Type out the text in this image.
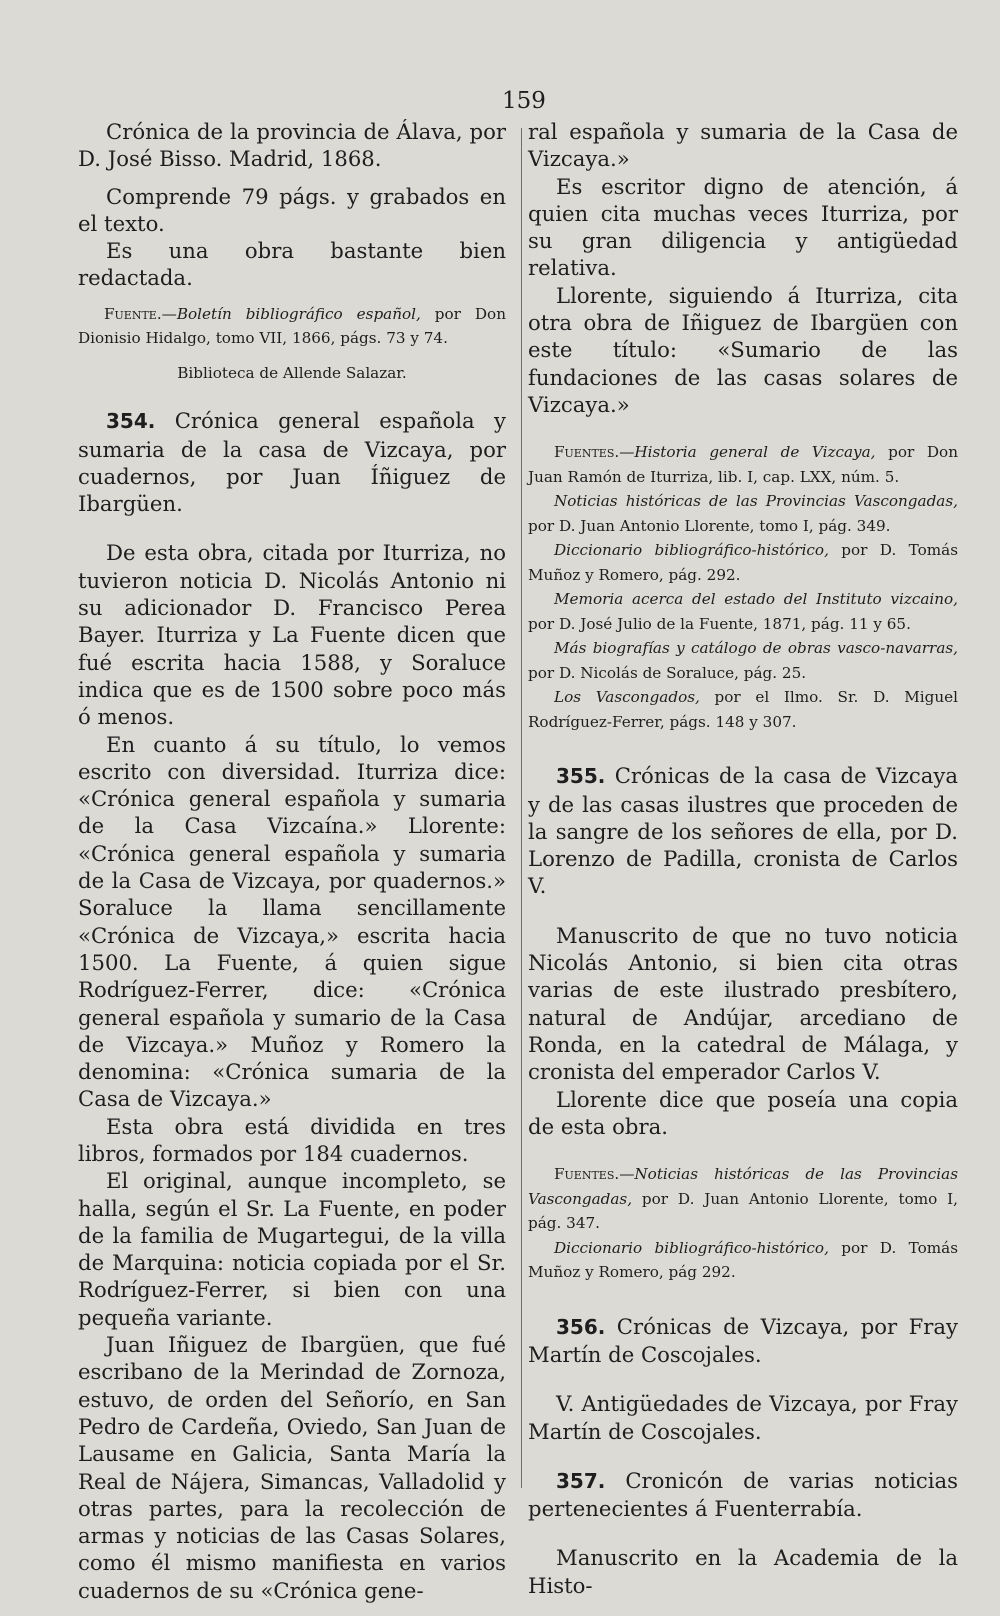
159

Crónica de la provincia de Álava, por D. José Bisso. Madrid, 1868.

Comprende 79 págs. y grabados en el texto.

Es una obra bastante bien redactada.

Fuente.—Boletín bibliográfico español, por Don Dionisio Hidalgo, tomo VII, 1866, págs. 73 y 74.

Biblioteca de Allende Salazar.

354. Crónica general española y sumaria de la casa de Vizcaya, por cuadernos, por Juan Íñiguez de Ibargüen.

De esta obra, citada por Iturriza, no tuvieron noticia D. Nicolás Antonio ni su adicionador D. Francisco Perea Bayer. Iturriza y La Fuente dicen que fué escrita hacia 1588, y Soraluce indica que es de 1500 sobre poco más ó menos.

En cuanto á su título, lo vemos escrito con diversidad. Iturriza dice: «Crónica general española y sumaria de la Casa Vizcaína.» Llorente: «Crónica general española y sumaria de la Casa de Vizcaya, por quadernos.» Soraluce la llama sencillamente «Crónica de Vizcaya,» escrita hacia 1500. La Fuente, á quien sigue Rodríguez-Ferrer, dice: «Crónica general española y sumario de la Casa de Vizcaya.» Muñoz y Romero la denomina: «Crónica sumaria de la Casa de Vizcaya.»

Esta obra está dividida en tres libros, formados por 184 cuadernos.

El original, aunque incompleto, se halla, según el Sr. La Fuente, en poder de la familia de Mugartegui, de la villa de Marquina: noticia copiada por el Sr. Rodríguez-Ferrer, si bien con una pequeña variante.

Juan Iñiguez de Ibargüen, que fué escribano de la Merindad de Zornoza, estuvo, de orden del Señorío, en San Pedro de Cardeña, Oviedo, San Juan de Lausame en Galicia, Santa María la Real de Nájera, Simancas, Valladolid y otras partes, para la recolección de armas y noticias de las Casas Solares, como él mismo manifiesta en varios cuadernos de su «Crónica gene-

ral española y sumaria de la Casa de Vizcaya.»

Es escritor digno de atención, á quien cita muchas veces Iturriza, por su gran diligencia y antigüedad relativa.

Llorente, siguiendo á Iturriza, cita otra obra de Iñiguez de Ibargüen con este título: «Sumario de las fundaciones de las casas solares de Vizcaya.»

Fuentes.—Historia general de Vizcaya, por Don Juan Ramón de Iturriza, lib. I, cap. LXX, núm. 5.

Noticias históricas de las Provincias Vascongadas, por D. Juan Antonio Llorente, tomo I, pág. 349.

Diccionario bibliográfico-histórico, por D. Tomás Muñoz y Romero, pág. 292.

Memoria acerca del estado del Instituto vizcaino, por D. José Julio de la Fuente, 1871, pág. 11 y 65.

Más biografías y catálogo de obras vasco-navarras, por D. Nicolás de Soraluce, pág. 25.

Los Vascongados, por el Ilmo. Sr. D. Miguel Rodríguez-Ferrer, págs. 148 y 307.

355. Crónicas de la casa de Vizcaya y de las casas ilustres que proceden de la sangre de los señores de ella, por D. Lorenzo de Padilla, cronista de Carlos V.

Manuscrito de que no tuvo noticia Nicolás Antonio, si bien cita otras varias de este ilustrado presbítero, natural de Andújar, arcediano de Ronda, en la catedral de Málaga, y cronista del emperador Carlos V.

Llorente dice que poseía una copia de esta obra.

Fuentes.—Noticias históricas de las Provincias Vascongadas, por D. Juan Antonio Llorente, tomo I, pág. 347.

Diccionario bibliográfico-histórico, por D. Tomás Muñoz y Romero, pág 292.

356. Crónicas de Vizcaya, por Fray Martín de Coscojales.

V. Antigüedades de Vizcaya, por Fray Martín de Coscojales.

357. Cronicón de varias noticias pertenecientes á Fuenterrabía.

Manuscrito en la Academia de la Histo-
